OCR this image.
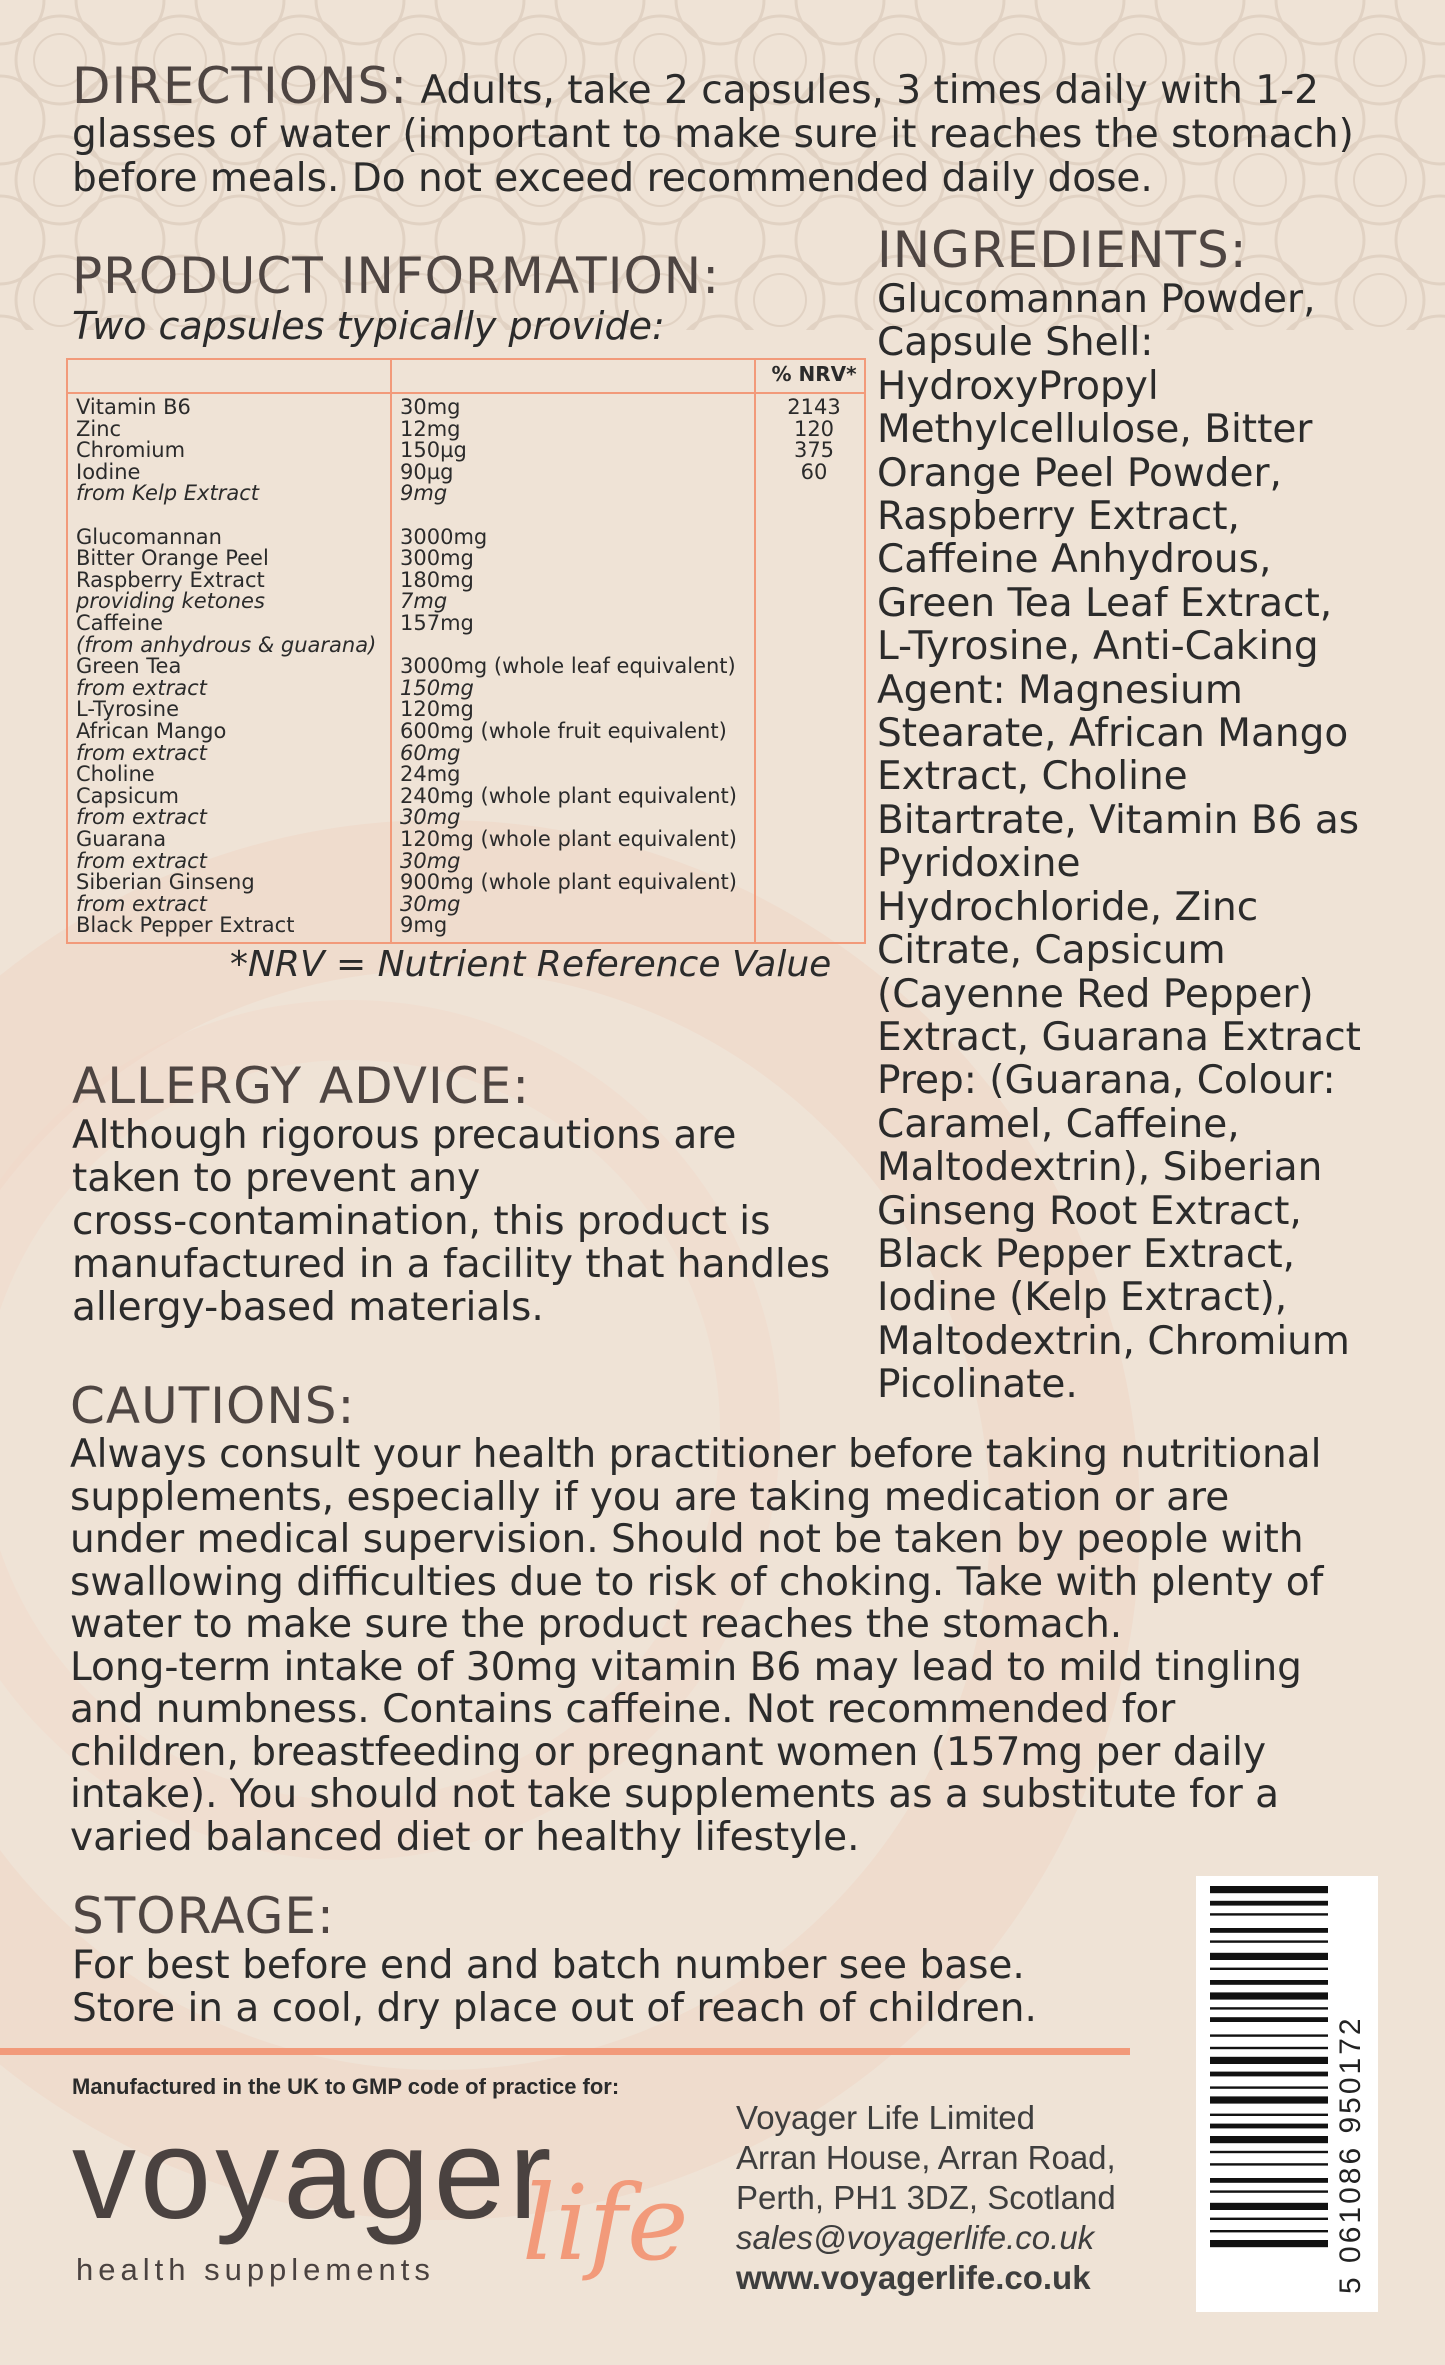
DIRECTIONS: Adults, take 2 capsules, 3 times daily with 1-2 glasses of water (important to make sure it reaches the stomach) before meals. Do not exceed recommended daily dose.
PRODUCT INFORMATION:
Two capsules typically provide:
% NRV*
Vitamin B6	30mg	2143
Zinc	12mg	120
Chromium	150µg	375
Iodine	90µg	60
from Kelp Extract	9mg
Glucomannan	3000mg
Bitter Orange Peel	300mg
Raspberry Extract	180mg
providing ketones	7mg
Caffeine	157mg
(from anhydrous & guarana)
Green Tea	3000mg (whole leaf equivalent)
from extract	150mg
L-Tyrosine	120mg
African Mango	600mg (whole fruit equivalent)
from extract	60mg
Choline	24mg
Capsicum	240mg (whole plant equivalent)
from extract	30mg
Guarana	120mg (whole plant equivalent)
from extract	30mg
Siberian Ginseng	900mg (whole plant equivalent)
from extract	30mg
Black Pepper Extract	9mg
*NRV = Nutrient Reference Value
INGREDIENTS:
Glucomannan Powder,
Capsule Shell:
HydroxyPropyl
Methylcellulose, Bitter
Orange Peel Powder,
Raspberry Extract,
Caffeine Anhydrous,
Green Tea Leaf Extract,
L-Tyrosine, Anti-Caking
Agent: Magnesium
Stearate, African Mango
Extract, Choline
Bitartrate, Vitamin B6 as
Pyridoxine
Hydrochloride, Zinc
Citrate, Capsicum
(Cayenne Red Pepper)
Extract, Guarana Extract
Prep: (Guarana, Colour:
Caramel, Caffeine,
Maltodextrin), Siberian
Ginseng Root Extract,
Black Pepper Extract,
Iodine (Kelp Extract),
Maltodextrin, Chromium
Picolinate.
ALLERGY ADVICE:
Although rigorous precautions are
taken to prevent any
cross-contamination, this product is
manufactured in a facility that handles
allergy-based materials.
CAUTIONS:
Always consult your health practitioner before taking nutritional
supplements, especially if you are taking medication or are
under medical supervision. Should not be taken by people with
swallowing difficulties due to risk of choking. Take with plenty of
water to make sure the product reaches the stomach.
Long-term intake of 30mg vitamin B6 may lead to mild tingling
and numbness. Contains caffeine. Not recommended for
children, breastfeeding or pregnant women (157mg per daily
intake). You should not take supplements as a substitute for a
varied balanced diet or healthy lifestyle.
STORAGE:
For best before end and batch number see base.
Store in a cool, dry place out of reach of children.
Manufactured in the UK to GMP code of practice for:
voyager
life
health supplements
Voyager Life Limited
Arran House, Arran Road,
Perth, PH1 3DZ, Scotland
sales@voyagerlife.co.uk
www.voyagerlife.co.uk	5 061086 950172
